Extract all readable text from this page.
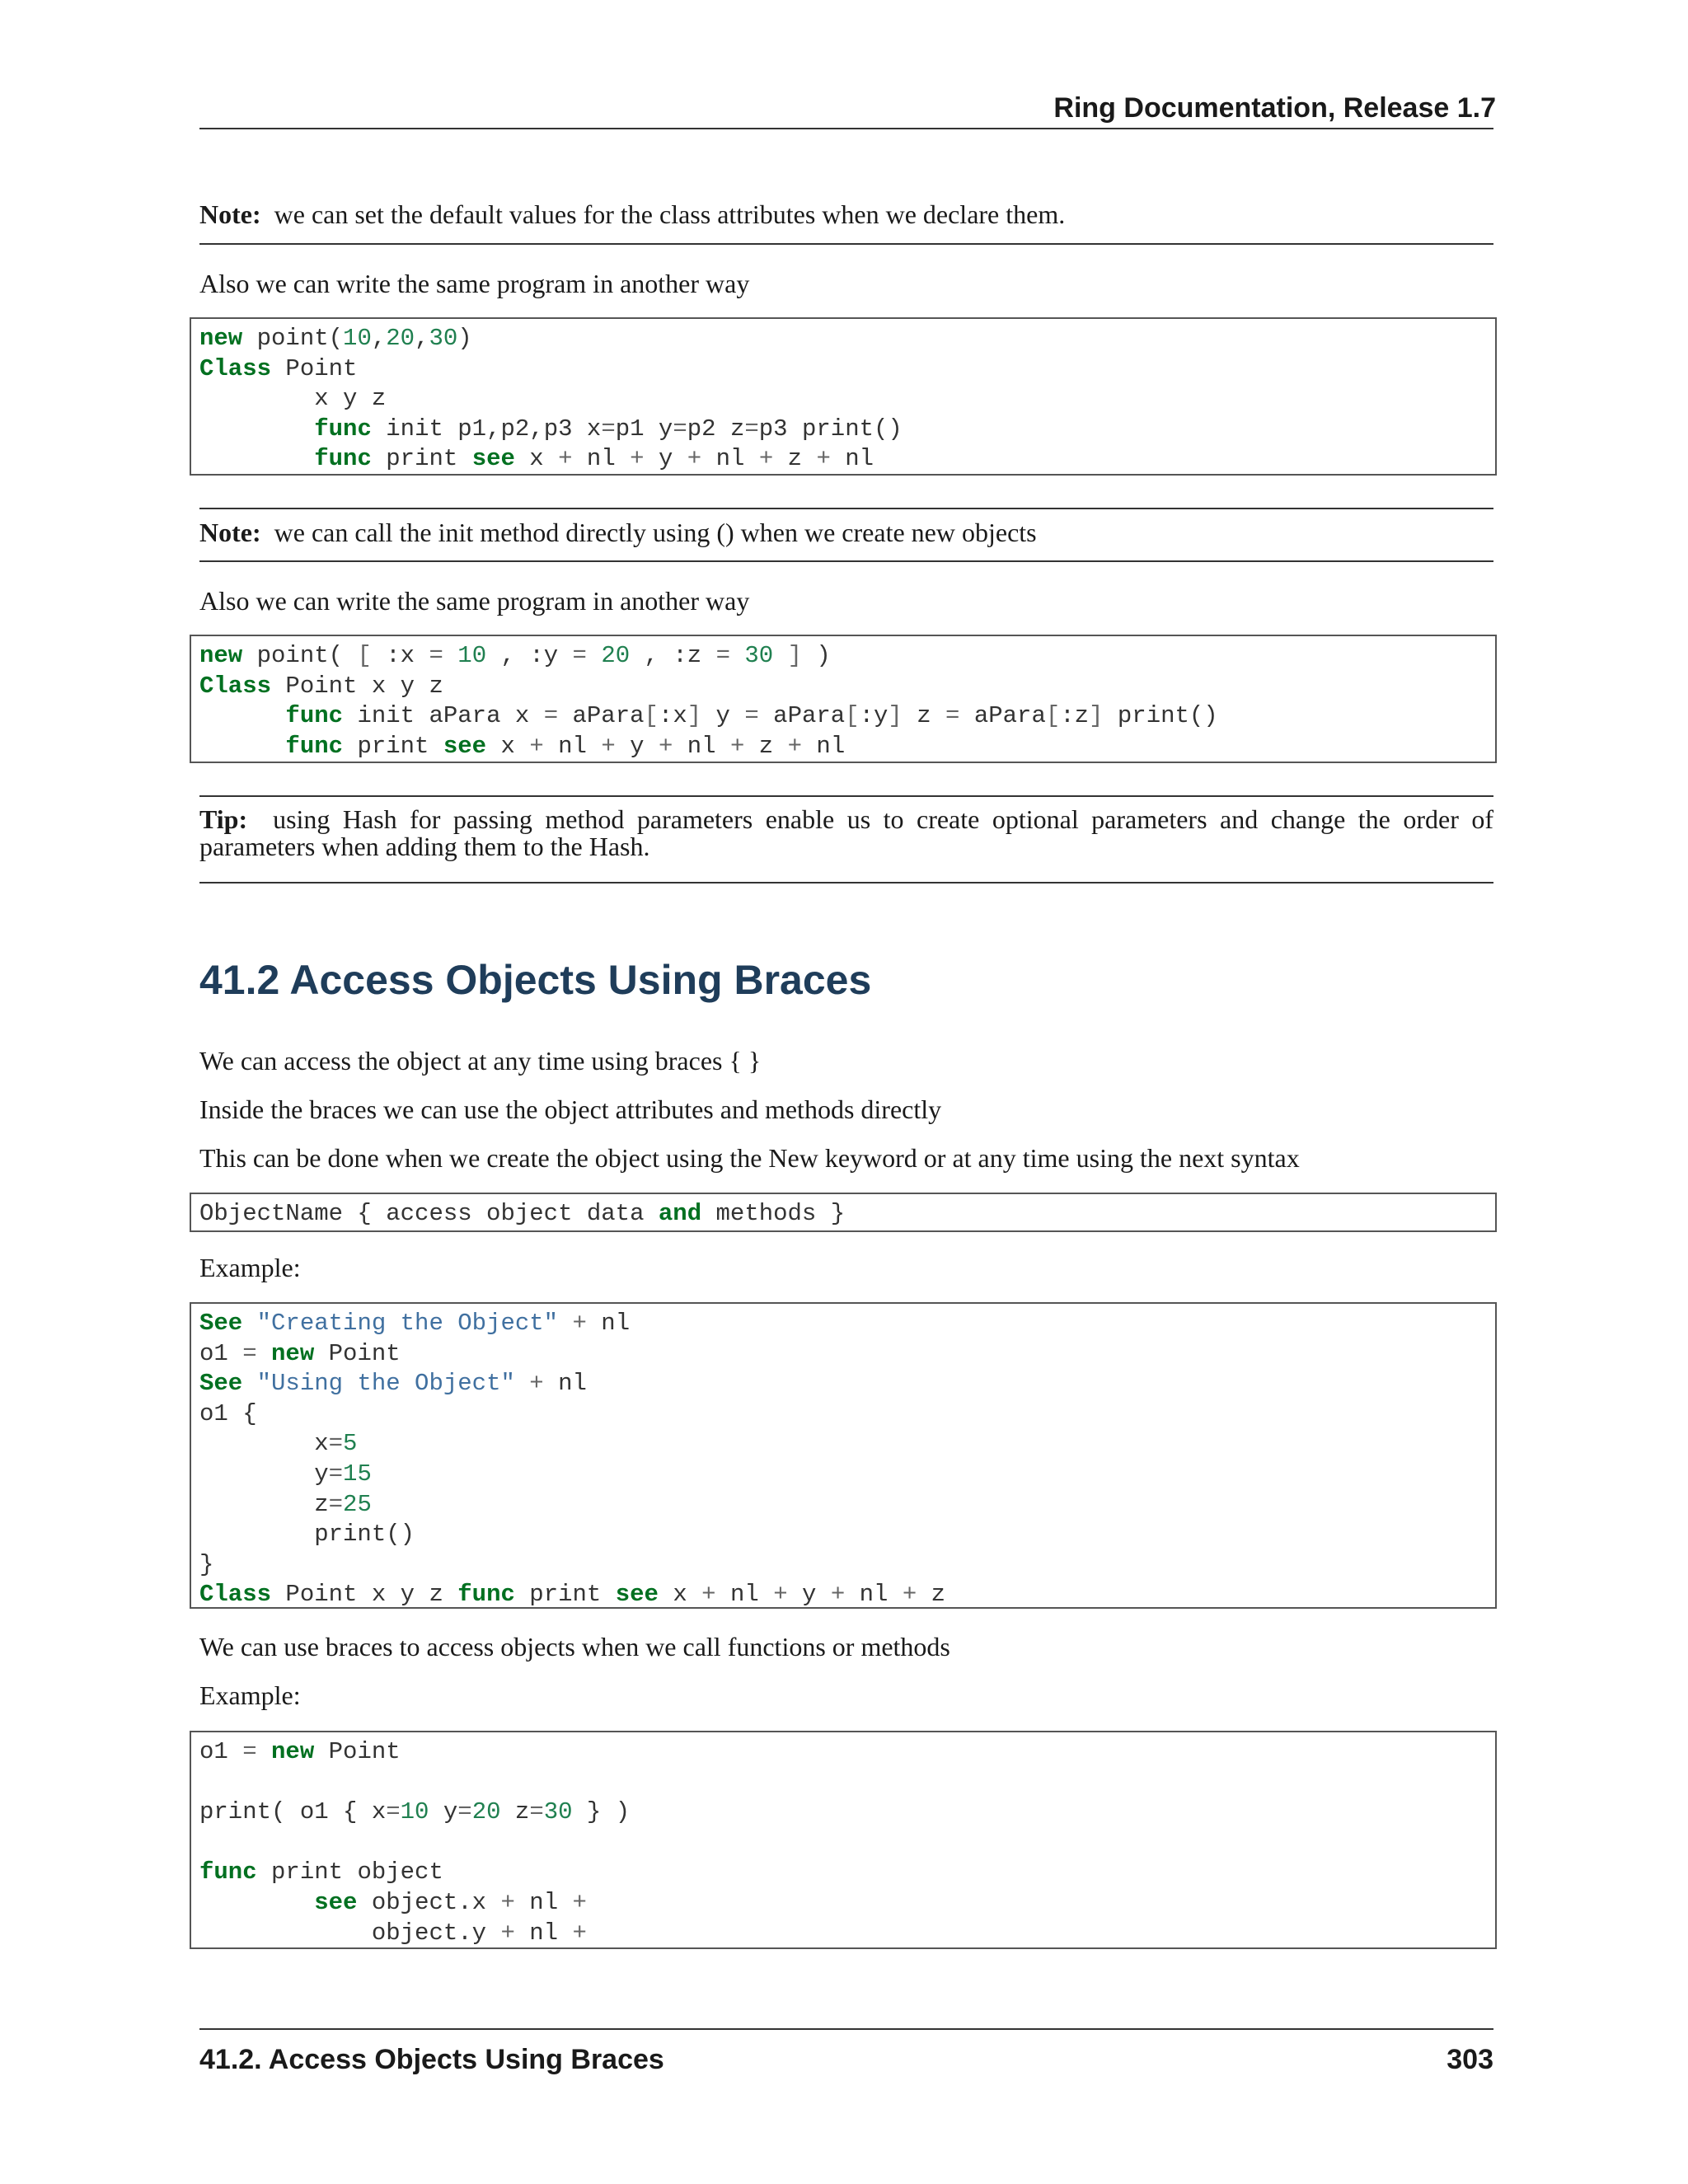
Ring Documentation, Release 1.7

Note: we can set the default values for the class attributes when we declare them.

Also we can write the same program in another way

new point(10,20,30)
Class Point
x y z
func init p1,p2,p3 x=p1 y=p2 z=p3 print()
func print see x + nl + y + nl + z + nl

Note: we can call the init method directly using () when we create new objects

Also we can write the same program in another way

new point( [ :x = 10 , :y = 20 , :z = 30 ] )
Class Point x y z
func init aPara x = aPara[:x] y = aPara[:y] z = aPara[:z] print()
func print see x + nl + y + nl + z + nl

Tip: using Hash for passing method parameters enable us to create optional parameters and change the order of parameters when adding them to the Hash.

41.2 Access Objects Using Braces

We can access the object at any time using braces { }

Inside the braces we can use the object attributes and methods directly

This can be done when we create the object using the New keyword or at any time using the next syntax

ObjectName { access object data and methods }

Example:

See "Creating the Object" + nl
o1 = new Point
See "Using the Object" + nl
o1 {
x=5
y=15
z=25
print()
}
Class Point x y z func print see x + nl + y + nl + z

We can use braces to access objects when we call functions or methods

Example:

o1 = new Point

print( o1 { x=10 y=20 z=30 } )

func print object
see object.x + nl +
object.y + nl +
41.2. Access Objects Using Braces	303
